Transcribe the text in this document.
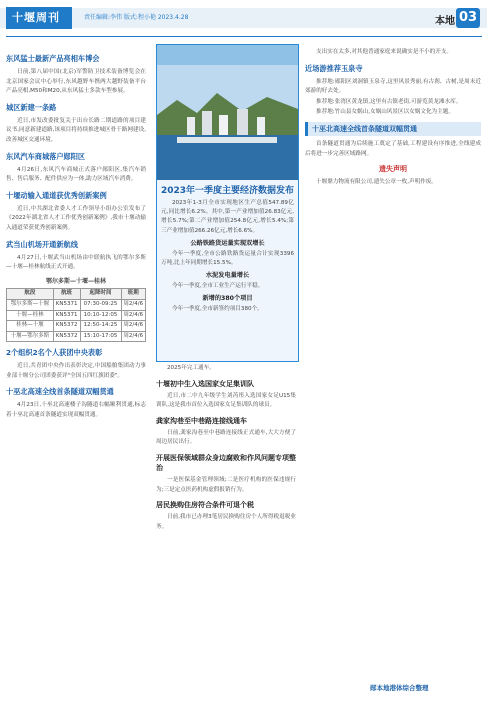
十堰周刊	责任编辑:李伟 版式:程小艳 2023.4.28	本地 03
东风猛士最新产品亮相车博会

日前,第八届中国(北京)军警防卫技术装备博览会在北京国家会议中心举行,东风越野车携两大越野装备平台产品亮相,M50和M20,从东风猛士多款车型参展。

城区新建一条路

近日,市发改委批复关于出台长路二期道路的项目建议书,同意新建道路,该项目将持续推进城区骨干路网建设,改善城区交通环境。

东风汽车商城落户郧阳区

4月26日,东风汽车商城正式落户郧阳区,集汽车销售、售后服务、配件供应为一体,助力区域汽车消费。

十堰动输入通道获优秀创新案例

近日,中共湖北省委人才工作领导小组办公室发布了《2022年湖北省人才工作优秀创新案例》,我市十堰动输入通道荣获优秀创新案例。

武当山机场开通新航线

4月27日,十堰武当山机场由中联航执飞的鄂尔多斯—十堰—桂林航线正式开通。

鄂尔多斯—十堰—桂林
航段	航班	起降时间	班期
鄂尔多斯—十堰	KN5371	07:30-09:25	周2/4/6
十堰—桂林	KN5371	10:10-12:05	周2/4/6
桂林—十堰	KN5372	12:50-14:25	周2/4/6
十堰—鄂尔多斯	KN5372	15:10-17:05	周2/4/6
2个组织2名个人获团中央表彰

近日,共青团中央作出表彰决定,中国船舶集团动力事业部十堰分公司团委获评"全国五四红旗团委"。

十巫北高速全线首条隧道双幅贯通

4月23日,十巫北高速楼子沟隧道右幅顺利贯通,标志着十巫北高速首条隧道实现双幅贯通。

2023年一季度主要经济数据发布

2023年1-3月全市实现地区生产总值547.89亿元,同比增长6.2%。其中,第一产业增加值26.83亿元,增长5.7%;第二产业增加值254.8亿元,增长5.4%;第三产业增加值266.26亿元,增长6.6%。

公路铁路货运量实现双增长

今年一季度,全市公路铁路货运量合计实现3396万吨,比上年同期增长15.5%。

水泥发电量增长

今年一季度,全市工业生产运行平稳。

新增的380个项目

今年一季度,全市新签约项目380个。

2025年完工通车。

十堰初中生入选国家女足集训队

近日,市二中九年级学生刘芮彤入选国家女足U15集训队,这是我市首位入选国家女足集训队的球员。

龚家沟巷至中巷路连接线通车

日前,龚家沟巷至中巷路连接线正式通车,大大方便了周边居民出行。

开展医保领域群众身边腐败和作风问题专项整治

一是医保基金管理领域;二是医疗机构的医保违规行为;三是定点医药机构虚假报销行为。

居民换购住房符合条件可退个税

日前,我市已办理3笔居民换购住房个人所得税退税业务。

支出实在太多,对其他普通家庭来说确实是不小的开支。

近场游推荐玉泉寺

推荐地:郧阳区刘洞镇玉泉寺,这里风景秀丽,有古刹、古树,是周末近郊游的好去处。

推荐地:张湾区黄龙镇,这里有古镇老街,可游览黄龙滩水库。

推荐地:竹山县女娲山,女娲山风景区以女娲文化为主题。

十巫北高速全线首条隧道双幅贯通

首条隧道贯通为后续施工奠定了基础,工程建设有序推进,全线建成后将进一步完善区域路网。

遗失声明

十堰鼎力物流有限公司,遗失公章一枚,声明作废。

郧本地港体综合整理
